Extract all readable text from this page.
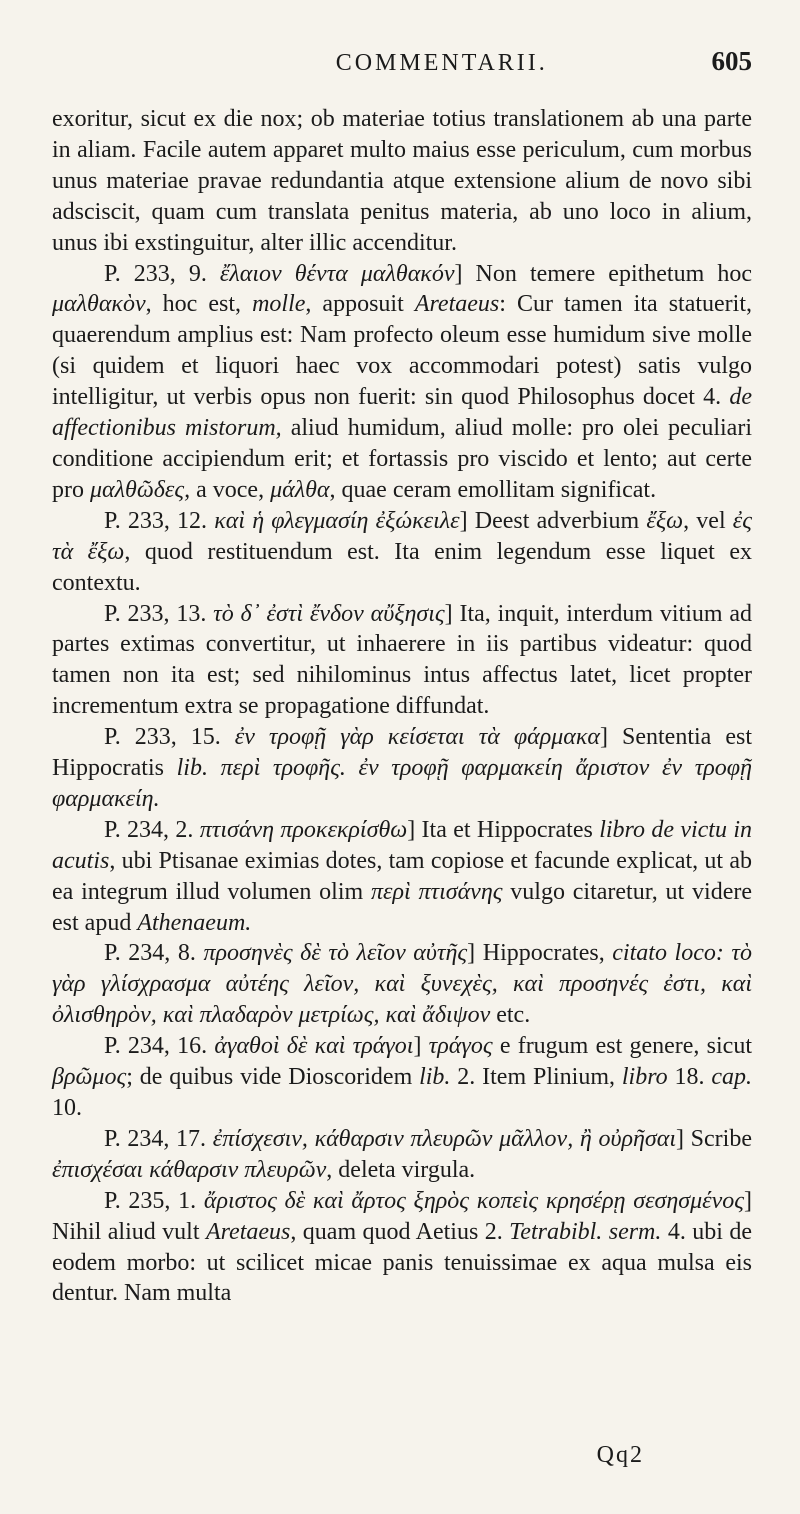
COMMENTARII.	605

exoritur, sicut ex die nox; ob materiae totius translationem ab una parte in aliam. Facile autem apparet multo maius esse periculum, cum morbus unus materiae pravae redundantia atque extensione alium de novo sibi adsciscit, quam cum translata penitus materia, ab uno loco in alium, unus ibi exstinguitur, alter illic accenditur.

P. 233, 9. ἔλαιον θέντα μαλθακόν] Non temere epithetum hoc μαλθακὸν, hoc est, molle, apposuit Aretaeus: Cur tamen ita statuerit, quaerendum amplius est: Nam profecto oleum esse humidum sive molle (si quidem et liquori haec vox accommodari potest) satis vulgo intelligitur, ut verbis opus non fuerit: sin quod Philosophus docet 4. de affectionibus mistorum, aliud humidum, aliud molle: pro olei peculiari conditione accipiendum erit; et fortassis pro viscido et lento; aut certe pro μαλθῶδες, a voce, μάλθα, quae ceram emollitam significat.

P. 233, 12. καὶ ἡ φλεγμασίη ἐξώκειλε] Deest adverbium ἔξω, vel ἐς τὰ ἔξω, quod restituendum est. Ita enim legendum esse liquet ex contextu.

P. 233, 13. τὸ δ᾽ ἐστὶ ἔνδον αὔξησις] Ita, inquit, interdum vitium ad partes extimas convertitur, ut inhaerere in iis partibus videatur: quod tamen non ita est; sed nihilominus intus affectus latet, licet propter incrementum extra se propagatione diffundat.

P. 233, 15. ἐν τροφῇ γὰρ κείσεται τὰ φάρμακα] Sententia est Hippocratis lib. περὶ τροφῆς. ἐν τροφῇ φαρμακείη ἄριστον ἐν τροφῇ φαρμακείη.

P. 234, 2. πτισάνη προκεκρίσθω] Ita et Hippocrates libro de victu in acutis, ubi Ptisanae eximias dotes, tam copiose et facunde explicat, ut ab ea integrum illud volumen olim περὶ πτισάνης vulgo citaretur, ut videre est apud Athenaeum.

P. 234, 8. προσηνὲς δὲ τὸ λεῖον αὐτῆς] Hippocrates, citato loco: τὸ γὰρ γλίσχρασμα αὐτέης λεῖον, καὶ ξυνεχὲς, καὶ προσηνές ἐστι, καὶ ὀλισθηρὸν, καὶ πλαδαρὸν μετρίως, καὶ ἄδιψον etc.

P. 234, 16. ἀγαθοὶ δὲ καὶ τράγοι] τράγος e frugum est genere, sicut βρῶμος; de quibus vide Dioscoridem lib. 2. Item Plinium, libro 18. cap. 10.

P. 234, 17. ἐπίσχεσιν, κάθαρσιν πλευρῶν μᾶλλον, ἢ οὐρῆσαι] Scribe ἐπισχέσαι κάθαρσιν πλευρῶν, deleta virgula.

P. 235, 1. ἄριστος δὲ καὶ ἄρτος ξηρὸς κοπεὶς κρησέρῃ σεσησμένος] Nihil aliud vult Aretaeus, quam quod Aetius 2. Tetrabibl. serm. 4. ubi de eodem morbo: ut scilicet micae panis tenuissimae ex aqua mulsa eis dentur. Nam multa

Qq2
